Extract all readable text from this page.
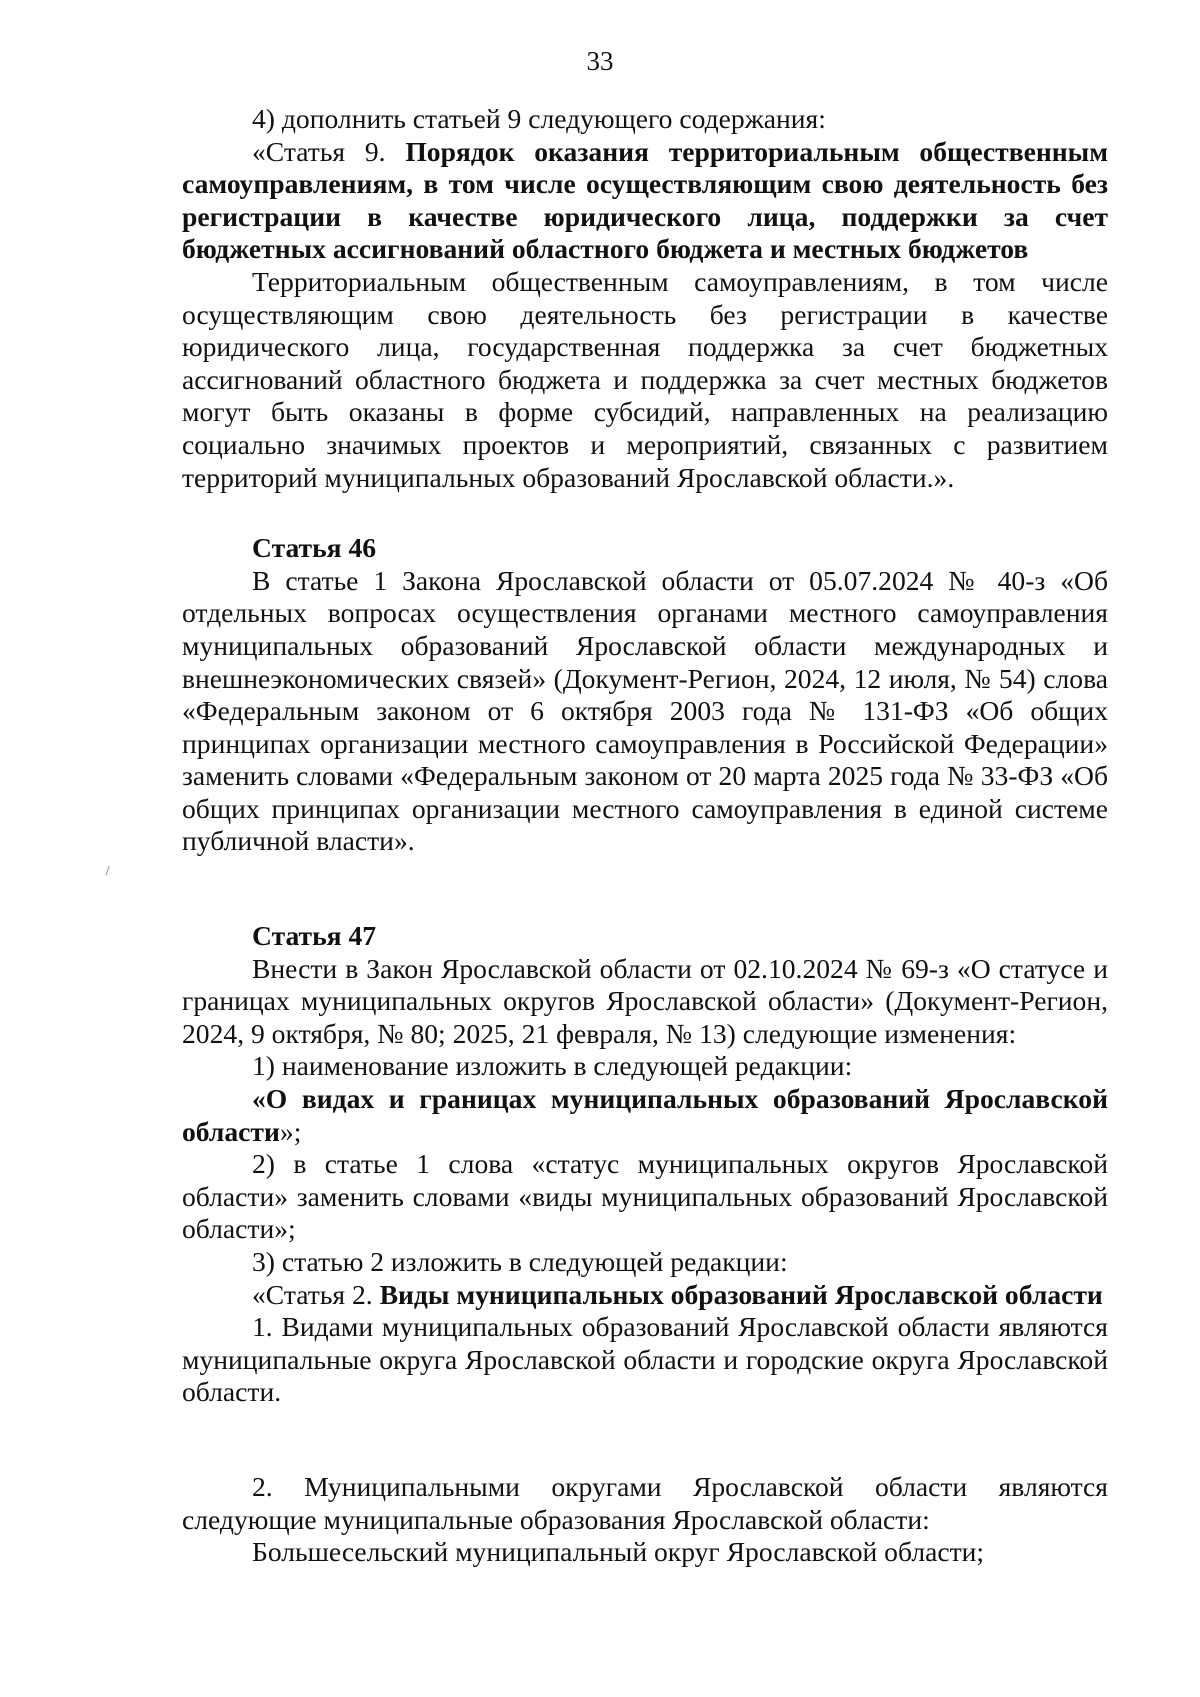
33

4) дополнить статьей 9 следующего содержания:

«Статья 9. Порядок оказания территориальным общественным самоуправлениям, в том числе осуществляющим свою деятельность без регистрации в качестве юридического лица, поддержки за счет бюджетных ассигнований областного бюджета и местных бюджетов

Территориальным общественным самоуправлениям, в том числе осуществляющим свою деятельность без регистрации в качестве юридического лица, государственная поддержка за счет бюджетных ассигнований областного бюджета и поддержка за счет местных бюджетов могут быть оказаны в форме субсидий, направленных на реализацию социально значимых проектов и мероприятий, связанных с развитием территорий муниципальных образований Ярославской области.».

Статья 46

В статье 1 Закона Ярославской области от 05.07.2024 № 40-з «Об отдельных вопросах осуществления органами местного самоуправления муниципальных образований Ярославской области международных и внешнеэкономических связей» (Документ-Регион, 2024, 12 июля, № 54) слова «Федеральным законом от 6 октября 2003 года № 131-ФЗ «Об общих принципах организации местного самоуправления в Российской Федерации» заменить словами «Федеральным законом от 20 марта 2025 года № 33-ФЗ «Об общих принципах организации местного самоуправления в единой системе публичной власти».

Статья 47

Внести в Закон Ярославской области от 02.10.2024 № 69-з «О статусе и границах муниципальных округов Ярославской области» (Документ-Регион, 2024, 9 октября, № 80; 2025, 21 февраля, № 13) следующие изменения:

1) наименование изложить в следующей редакции:

«О видах и границах муниципальных образований Ярославской области»;

2) в статье 1 слова «статус муниципальных округов Ярославской области» заменить словами «виды муниципальных образований Ярославской области»;

3) статью 2 изложить в следующей редакции:

«Статья 2. Виды муниципальных образований Ярославской области

1. Видами муниципальных образований Ярославской области являются муниципальные округа Ярославской области и городские округа Ярославской области.

2. Муниципальными округами Ярославской области являются следующие муниципальные образования Ярославской области:

Большесельский муниципальный округ Ярославской области;
